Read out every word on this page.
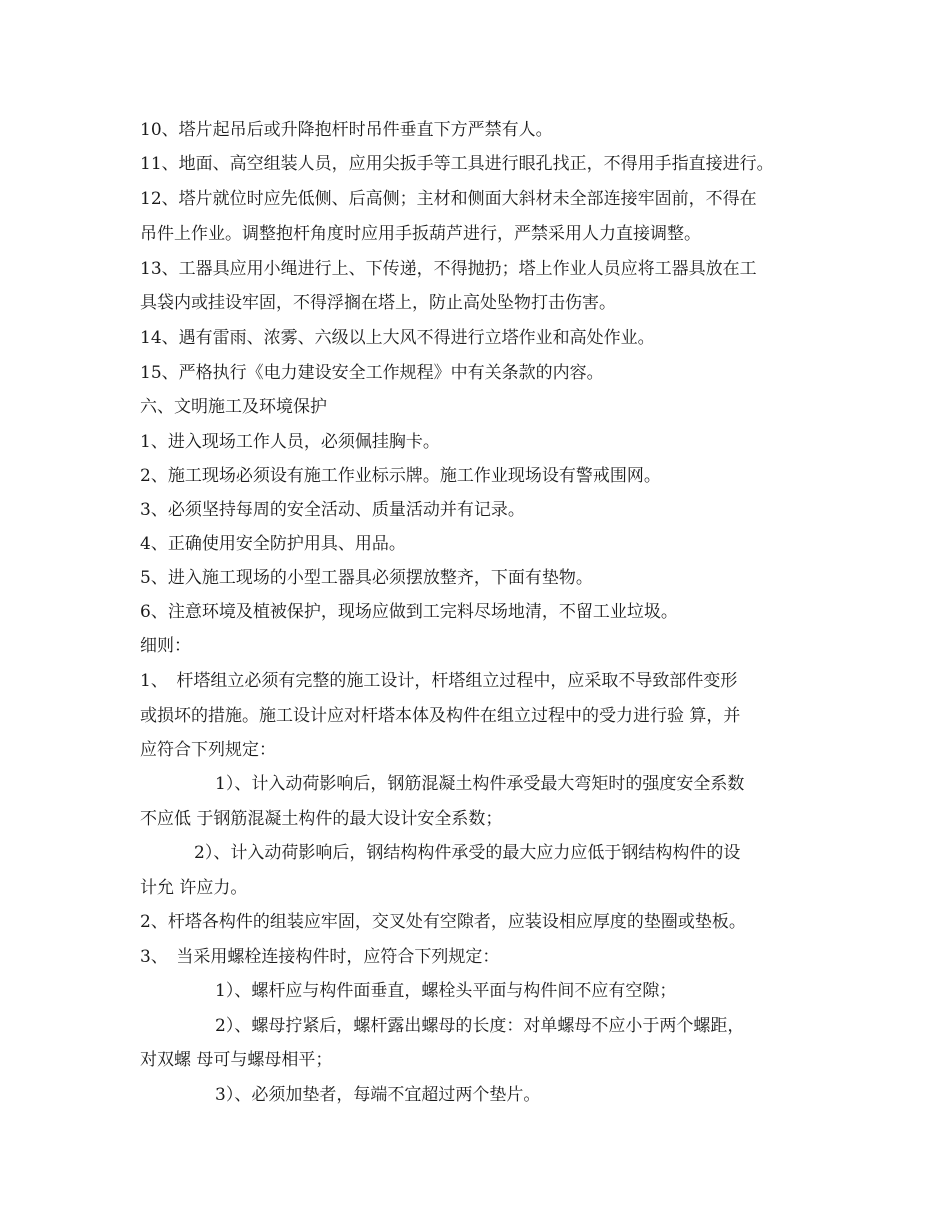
10、塔片起吊后或升降抱杆时吊件垂直下方严禁有人。
11、地面、高空组装人员，应用尖扳手等工具进行眼孔找正，不得用手指直接进行。
12、塔片就位时应先低侧、后高侧；主材和侧面大斜材未全部连接牢固前，不得在
吊件上作业。调整抱杆角度时应用手扳葫芦进行，严禁采用人力直接调整。
13、工器具应用小绳进行上、下传递，不得抛扔；塔上作业人员应将工器具放在工
具袋内或挂设牢固，不得浮搁在塔上，防止高处坠物打击伤害。
14、遇有雷雨、浓雾、六级以上大风不得进行立塔作业和高处作业。
15、严格执行《电力建设安全工作规程》中有关条款的内容。
六、文明施工及环境保护
1、进入现场工作人员，必须佩挂胸卡。
2、施工现场必须设有施工作业标示牌。施工作业现场设有警戒围网。
3、必须坚持每周的安全活动、质量活动并有记录。
4、正确使用安全防护用具、用品。
5、进入施工现场的小型工器具必须摆放整齐，下面有垫物。
6、注意环境及植被保护，现场应做到工完料尽场地清，不留工业垃圾。
细则：
1、　杆塔组立必须有完整的施工设计，杆塔组立过程中，应采取不导致部件变形
或损坏的措施。施工设计应对杆塔本体及构件在组立过程中的受力进行验 算，并
应符合下列规定：
1）、计入动荷影响后，钢筋混凝土构件承受最大弯矩时的强度安全系数
不应低 于钢筋混凝土构件的最大设计安全系数；
2）、计入动荷影响后，钢结构构件承受的最大应力应低于钢结构构件的设
计允 许应力。
2、杆塔各构件的组装应牢固，交叉处有空隙者，应装设相应厚度的垫圈或垫板。
3、　当采用螺栓连接构件时，应符合下列规定：
1）、螺杆应与构件面垂直，螺栓头平面与构件间不应有空隙；
2）、螺母拧紧后，螺杆露出螺母的长度：对单螺母不应小于两个螺距，
对双螺 母可与螺母相平；
3）、必须加垫者，每端不宜超过两个垫片。
